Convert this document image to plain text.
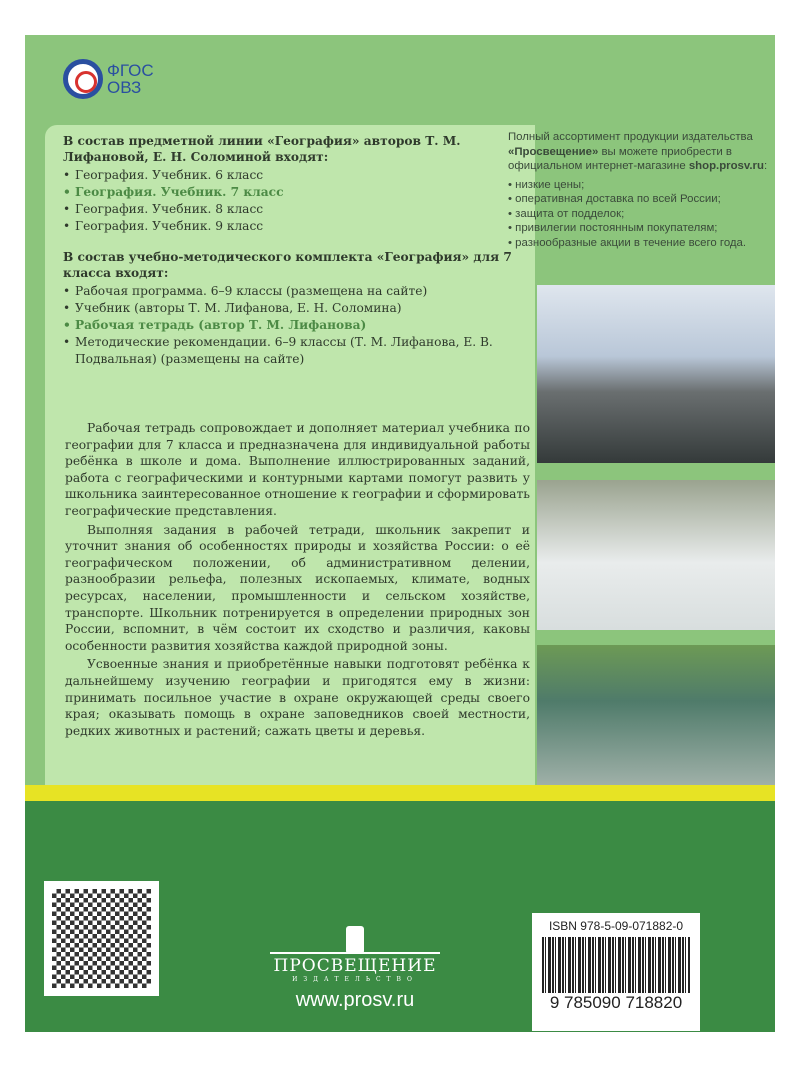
ФГОС
ОВЗ
В состав предметной линии «География» авторов Т. М. Лифановой, Е. Н. Соломиной входят:
• География. Учебник. 6 класс
• География. Учебник. 7 класс
• География. Учебник. 8 класс
• География. Учебник. 9 класс
В состав учебно-методического комплекта «География» для 7 класса входят:
• Рабочая программа. 6–9 классы (размещена на сайте)
• Учебник (авторы Т. М. Лифанова, Е. Н. Соломина)
• Рабочая тетрадь (автор Т. М. Лифанова)
• Методические рекомендации. 6–9 классы (Т. М. Лифанова, Е. В. Подвальная) (размещены на сайте)

Рабочая тетрадь сопровождает и дополняет материал учебника по географии для 7 класса и предназначена для индивидуальной работы ребёнка в школе и дома. Выполнение иллюстрированных заданий, работа с географическими и контурными картами помогут развить у школьника заинтересованное отношение к географии и сформировать географические представления.

Выполняя задания в рабочей тетради, школьник закрепит и уточнит знания об особенностях природы и хозяйства России: о её географическом положении, об административном делении, разнообразии рельефа, полезных ископаемых, климате, водных ресурсах, населении, промышленности и сельском хозяйстве, транспорте. Школьник потренируется в определении природных зон России, вспомнит, в чём состоит их сходство и различия, каковы особенности развития хозяйства каждой природной зоны.

Усвоенные знания и приобретённые навыки подготовят ребёнка к дальнейшему изучению географии и пригодятся ему в жизни: принимать посильное участие в охране окружающей среды своего края; оказывать помощь в охране заповедников своей местности, редких животных и растений; сажать цветы и деревья.

Полный ассортимент продукции издательства «Просвещение» вы можете приобрести в официальном интернет-магазине shop.prosv.ru:
• низкие цены;
• оперативная доставка по всей России;
• защита от подделок;
• привилегии постоянным покупателям;
• разнообразные акции в течение всего года.
ПРОСВЕЩЕНИЕ
ИЗДАТЕЛЬСТВО
www.prosv.ru
ISBN 978-5-09-071882-0
9 785090 718820
